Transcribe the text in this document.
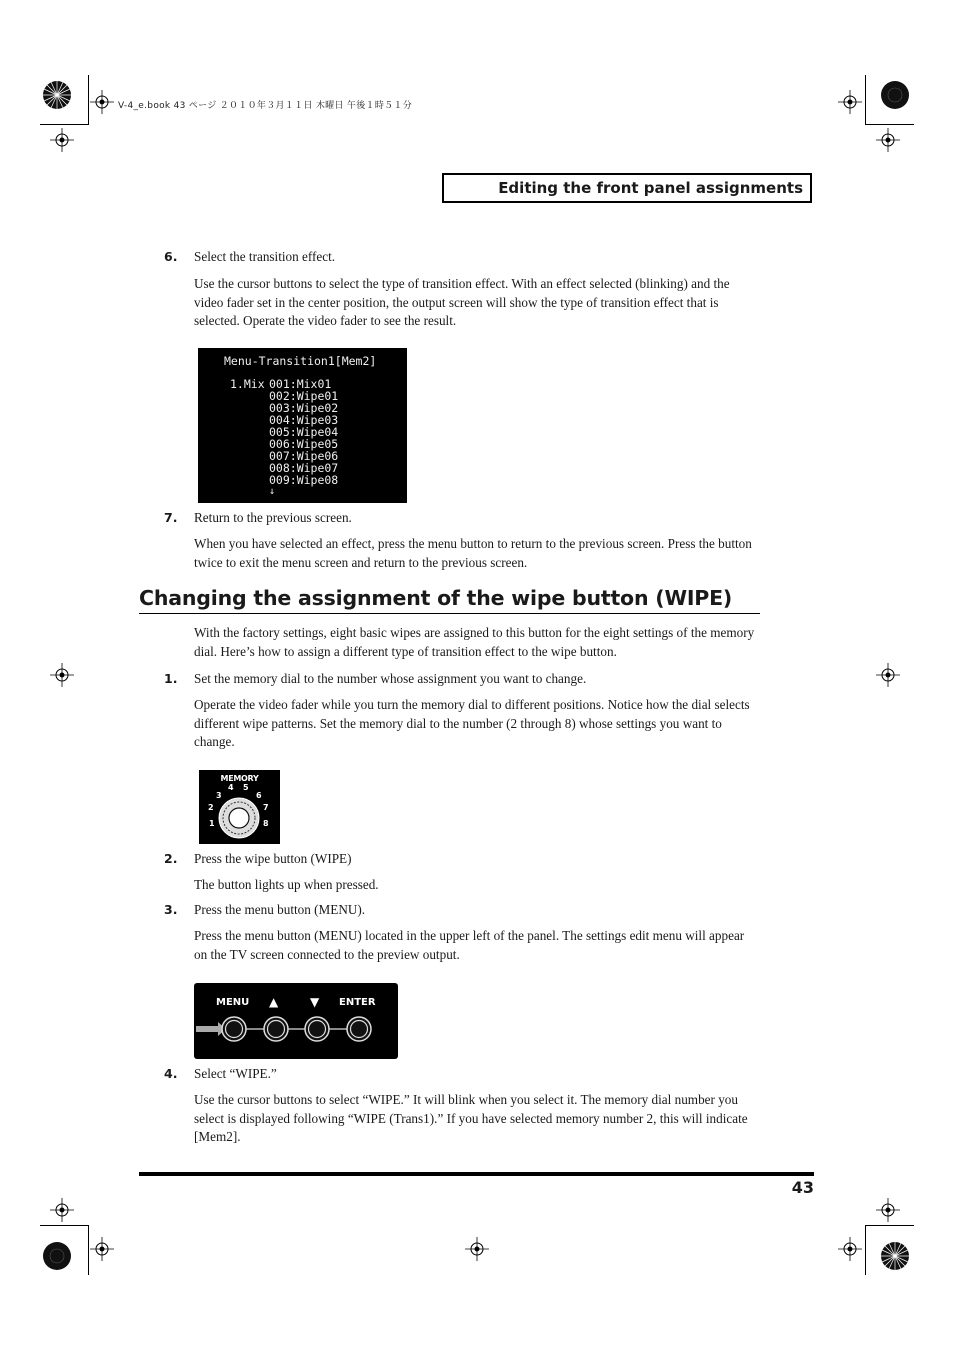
V-4_e.book 43 ページ ２０１０年３月１１日 木曜日 午後１時５１分
Editing the front panel assignments
6. Select the transition effect.
Use the cursor buttons to select the type of transition effect. With an effect selected (blinking) and the video fader set in the center position, the output screen will show the type of transition effect that is selected. Operate the video fader to see the result.
Menu-Transition1[Mem2]
1.Mix 001:Mix01
002:Wipe01
003:Wipe02
004:Wipe03
005:Wipe04
006:Wipe05
007:Wipe06
008:Wipe07
009:Wipe08
↓
7. Return to the previous screen.
When you have selected an effect, press the menu button to return to the previous screen. Press the button twice to exit the menu screen and return to the previous screen.
Changing the assignment of the wipe button (WIPE)
With the factory settings, eight basic wipes are assigned to this button for the eight settings of the memory dial. Here’s how to assign a different type of transition effect to the wipe button.
1. Set the memory dial to the number whose assignment you want to change.
Operate the video fader while you turn the memory dial to different positions. Notice how the dial selects different wipe patterns. Set the memory dial to the number (2 through 8) whose settings you want to change.
MEMORY
1
2
3
4 5
6
7
8
2. Press the wipe button (WIPE)
The button lights up when pressed.
3. Press the menu button (MENU).
Press the menu button (MENU) located in the upper left of the panel. The settings edit menu will appear on the TV screen connected to the preview output.
MENU ▲	▼ ENTER
4. Select “WIPE.”
Use the cursor buttons to select “WIPE.” It will blink when you select it. The memory dial number you select is displayed following “WIPE (Trans1).” If you have selected memory number 2, this will indicate [Mem2].
43
